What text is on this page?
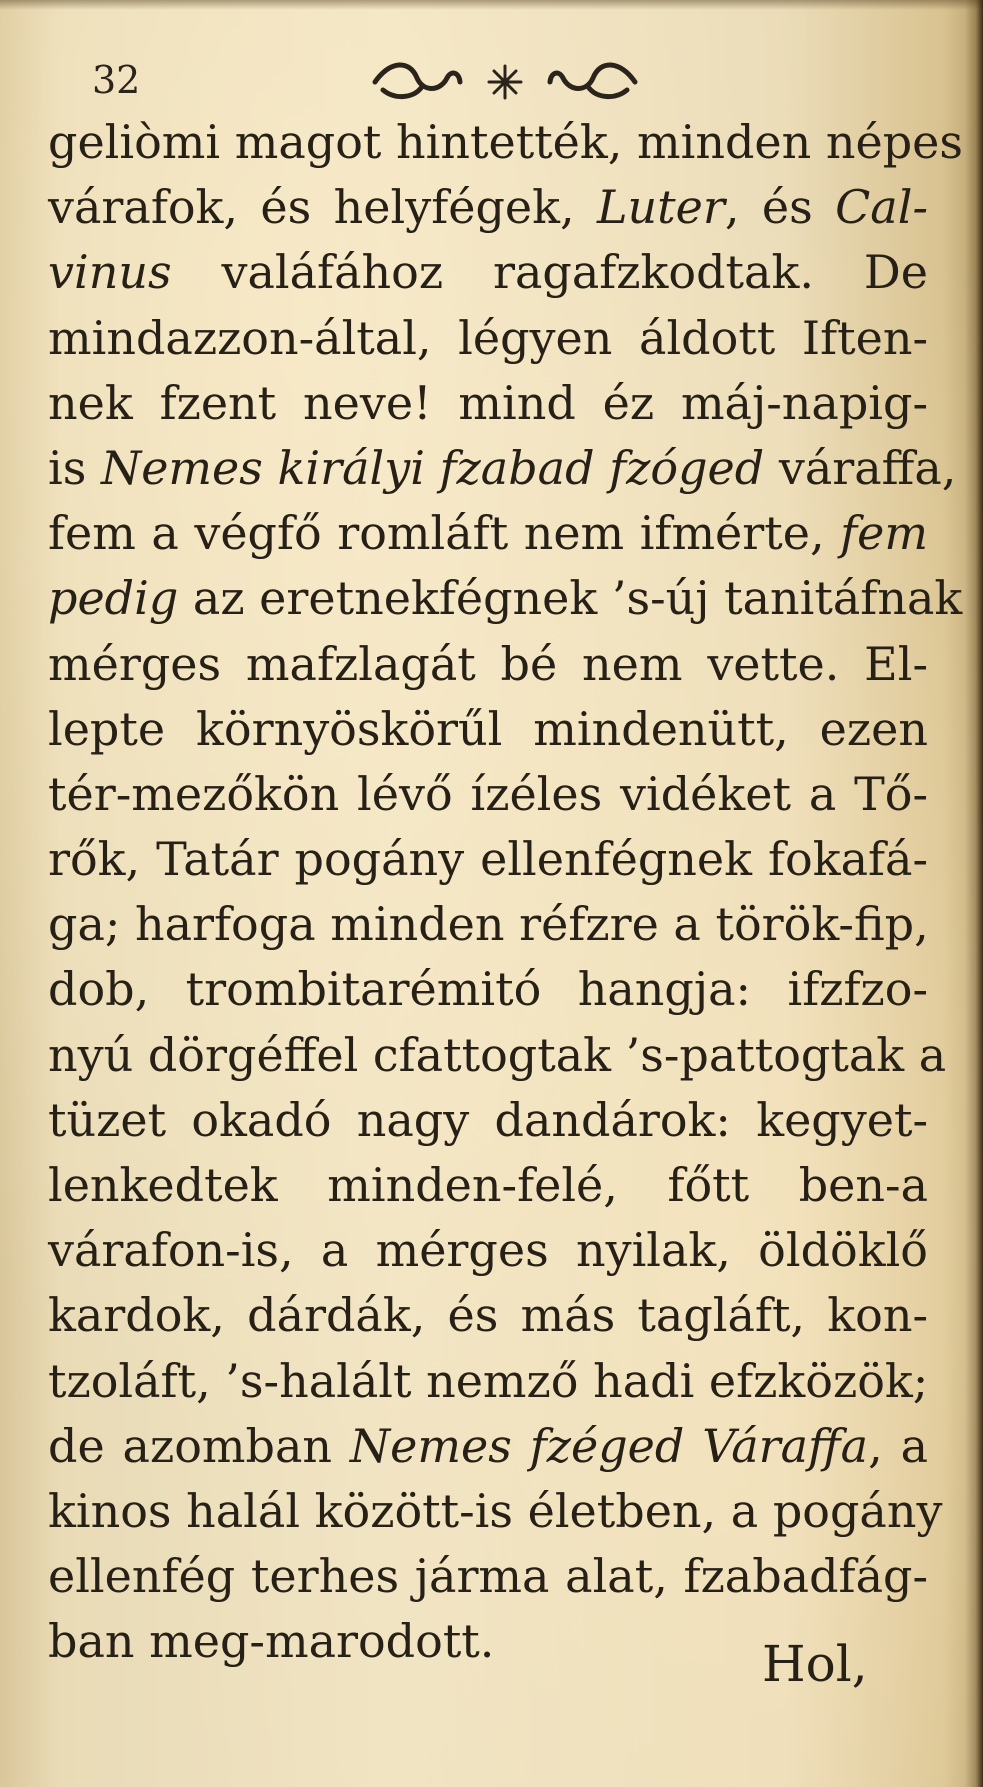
32
geliòmi magot hintették, minden népes
várafok, és helyfégek, Luter, és Cal-
vinus valáfához ragafzkodtak. De
mindazzon-által, légyen áldott Iften-
nek fzent neve! mind éz máj-napig-
is Nemes királyi fzabad fzóged váraffa,
fem a végfő romláft nem ifmérte, fem
pedig az eretnekfégnek ’s-új tanitáfnak
mérges mafzlagát bé nem vette. El-
lepte környöskörűl mindenütt, ezen
tér-mezőkön lévő ízéles vidéket a Tő-
rők, Tatár pogány ellenfégnek fokafá-
ga; harfoga minden réfzre a török-fip,
dob, trombitarémitó hangja: ifzfzo-
nyú dörgéffel cfattogtak ’s-pattogtak a
tüzet okadó nagy dandárok: kegyet-
lenkedtek minden-felé, főtt ben-a
várafon-is, a mérges nyilak, öldöklő
kardok, dárdák, és más tagláft, kon-
tzoláft, ’s-halált nemző hadi efzközök;
de azomban Nemes fzéged Váraffa, a
kinos halál között-is életben, a pogány
ellenfég terhes járma alat, fzabadfág-
ban meg-marodott.	Hol,
